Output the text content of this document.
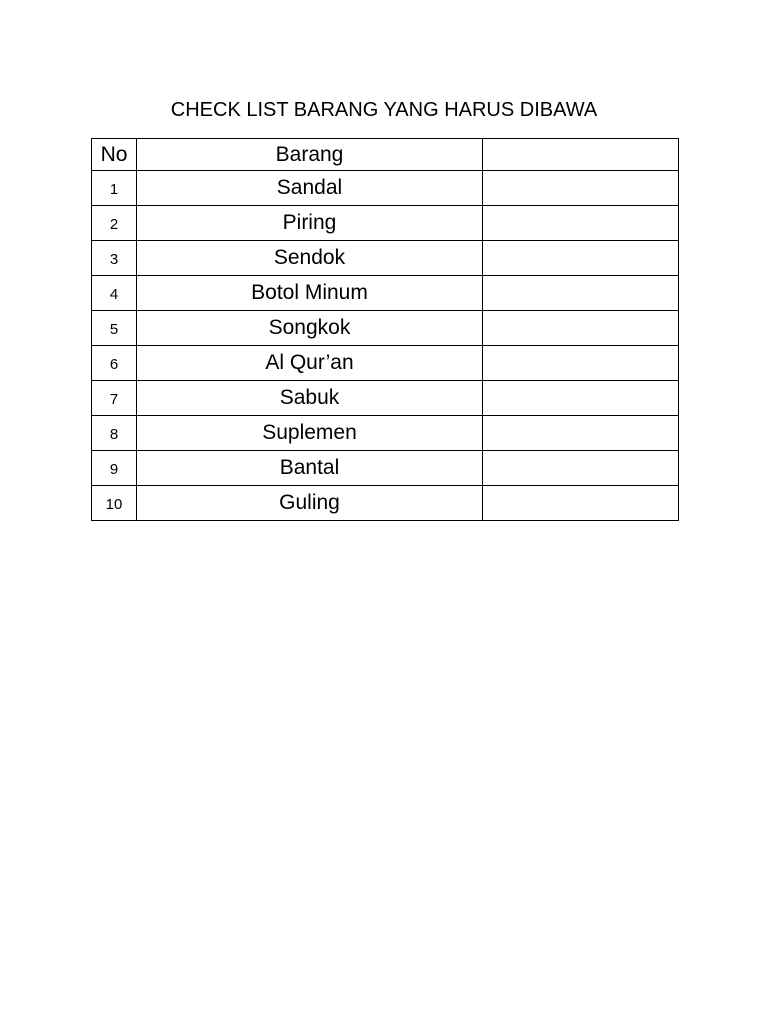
CHECK LIST BARANG YANG HARUS DIBAWA
No	Barang	
1	Sandal	
2	Piring	
3	Sendok	
4	Botol Minum	
5	Songkok	
6	Al Qur’an	
7	Sabuk	
8	Suplemen	
9	Bantal	
10	Guling	
